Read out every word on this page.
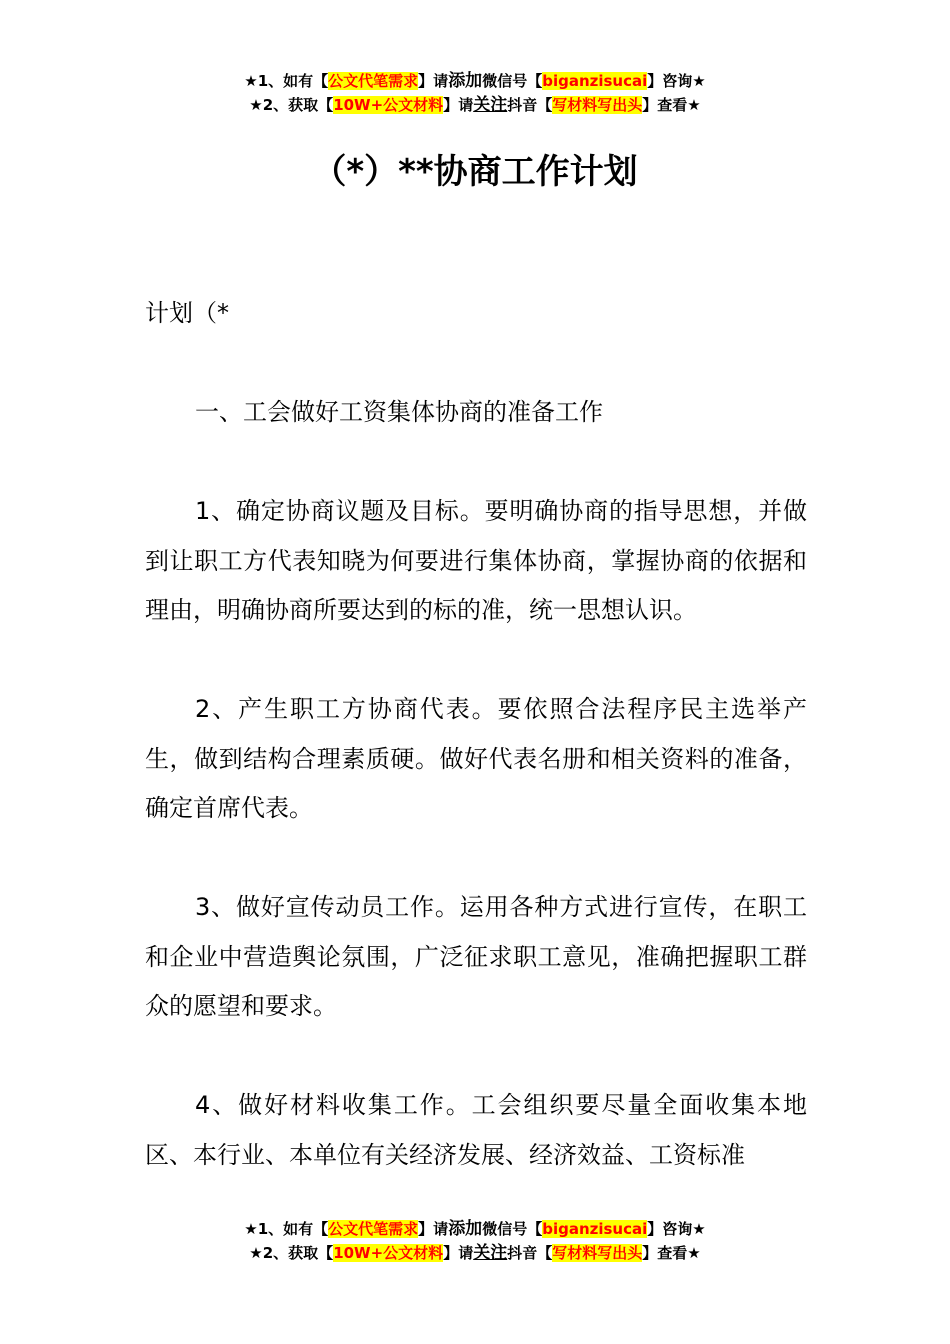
★1、如有【公文代笔需求】请添加微信号【biganzisucai】咨询★
★2、获取【10W+公文材料】请关注抖音【写材料写出头】查看★
（*）**协商工作计划

计划（*

一、工会做好工资集体协商的准备工作

1、确定协商议题及目标。要明确协商的指导思想，并做到让职工方代表知晓为何要进行集体协商，掌握协商的依据和理由，明确协商所要达到的标的准，统一思想认识。

2、产生职工方协商代表。要依照合法程序民主选举产生，做到结构合理素质硬。做好代表名册和相关资料的准备，确定首席代表。

3、做好宣传动员工作。运用各种方式进行宣传，在职工和企业中营造舆论氛围，广泛征求职工意见，准确把握职工群众的愿望和要求。

4、做好材料收集工作。工会组织要尽量全面收集本地区、本行业、本单位有关经济发展、经济效益、工资标准

★1、如有【公文代笔需求】请添加微信号【biganzisucai】咨询★
★2、获取【10W+公文材料】请关注抖音【写材料写出头】查看★
